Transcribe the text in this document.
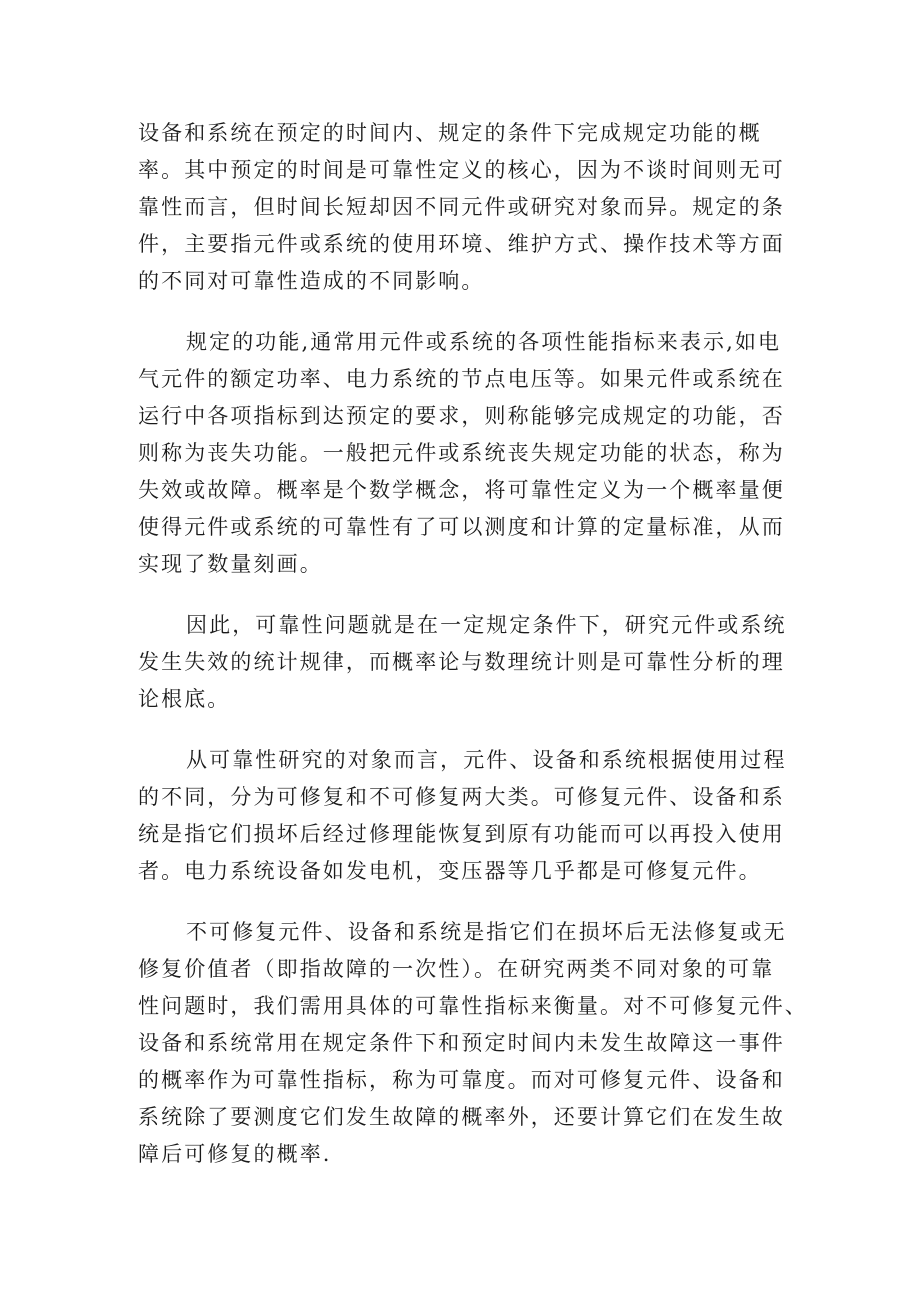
设备和系统在预定的时间内、规定的条件下完成规定功能的概
率。其中预定的时间是可靠性定义的核心，因为不谈时间则无可
靠性而言，但时间长短却因不同元件或研究对象而异。规定的条
件，主要指元件或系统的使用环境、维护方式、操作技术等方面
的不同对可靠性造成的不同影响。
规定的功能,通常用元件或系统的各项性能指标来表示,如电
气元件的额定功率、电力系统的节点电压等。如果元件或系统在
运行中各项指标到达预定的要求，则称能够完成规定的功能，否
则称为丧失功能。一般把元件或系统丧失规定功能的状态，称为
失效或故障。概率是个数学概念，将可靠性定义为一个概率量便
使得元件或系统的可靠性有了可以测度和计算的定量标准，从而
实现了数量刻画。
因此，可靠性问题就是在一定规定条件下，研究元件或系统
发生失效的统计规律，而概率论与数理统计则是可靠性分析的理
论根底。
从可靠性研究的对象而言，元件、设备和系统根据使用过程
的不同，分为可修复和不可修复两大类。可修复元件、设备和系
统是指它们损坏后经过修理能恢复到原有功能而可以再投入使用
者。电力系统设备如发电机，变压器等几乎都是可修复元件。
不可修复元件、设备和系统是指它们在损坏后无法修复或无
修复价值者（即指故障的一次性）。在研究两类不同对象的可靠
性问题时，我们需用具体的可靠性指标来衡量。对不可修复元件、
设备和系统常用在规定条件下和预定时间内未发生故障这一事件
的概率作为可靠性指标，称为可靠度。而对可修复元件、设备和
系统除了要测度它们发生故障的概率外，还要计算它们在发生故
障后可修复的概率.
